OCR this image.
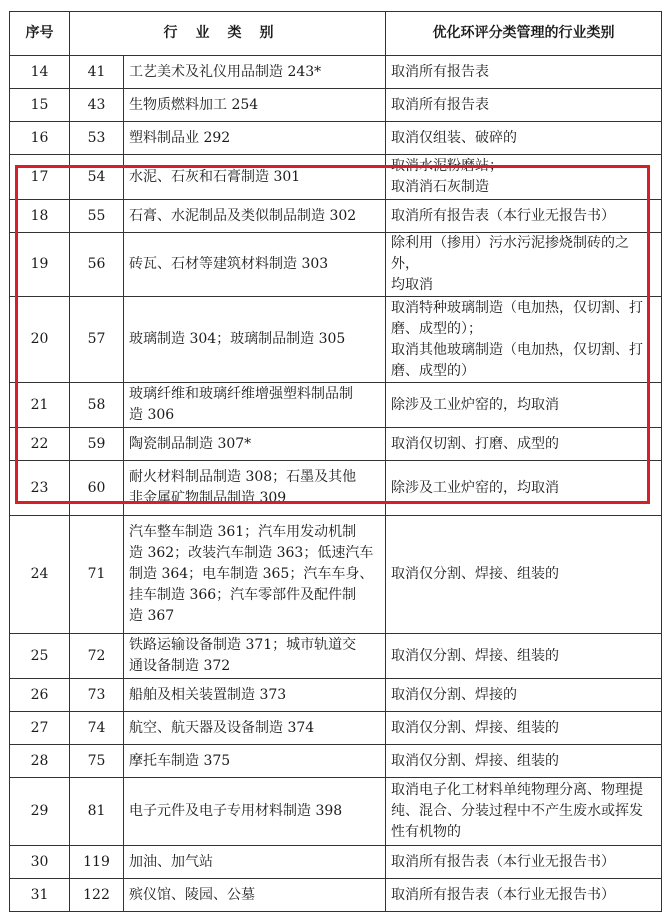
序号	行业类别		优化环评分类管理的行业类别
14	41	工艺美术及礼仪用品制造 243*	取消所有报告表
15	43	生物质燃料加工 254	取消所有报告表
16	53	塑料制品业 292	取消仅组装、破碎的
17	54	水泥、石灰和石膏制造 301	取消水泥粉磨站；
取消消石灰制造
18	55	石膏、水泥制品及类似制品制造 302	取消所有报告表（本行业无报告书）
19	56	砖瓦、石材等建筑材料制造 303	除利用（掺用）污水污泥掺烧制砖的之外，
均取消
20	57	玻璃制造 304；玻璃制品制造 305	取消特种玻璃制造（电加热，仅切割、打
磨、成型的）；
取消其他玻璃制造（电加热，仅切割、打
磨、成型的）
21	58	玻璃纤维和玻璃纤维增强塑料制品制
造 306	除涉及工业炉窑的，均取消
22	59	陶瓷制品制造 307*	取消仅切割、打磨、成型的
23	60	耐火材料制品制造 308；石墨及其他
非金属矿物制品制造 309	除涉及工业炉窑的，均取消
24	71	汽车整车制造 361；汽车用发动机制
造 362；改装汽车制造 363；低速汽车
制造 364；电车制造 365；汽车车身、
挂车制造 366；汽车零部件及配件制
造 367	取消仅分割、焊接、组装的
25	72	铁路运输设备制造 371；城市轨道交
通设备制造 372	取消仅分割、焊接、组装的
26	73	船舶及相关装置制造 373	取消仅分割、焊接的
27	74	航空、航天器及设备制造 374	取消仅分割、焊接、组装的
28	75	摩托车制造 375	取消仅分割、焊接、组装的
29	81	电子元件及电子专用材料制造 398	取消电子化工材料单纯物理分离、物理提
纯、混合、分装过程中不产生废水或挥发
性有机物的
30	119	加油、加气站	取消所有报告表（本行业无报告书）
31	122	殡仪馆、陵园、公墓	取消所有报告表（本行业无报告书）
